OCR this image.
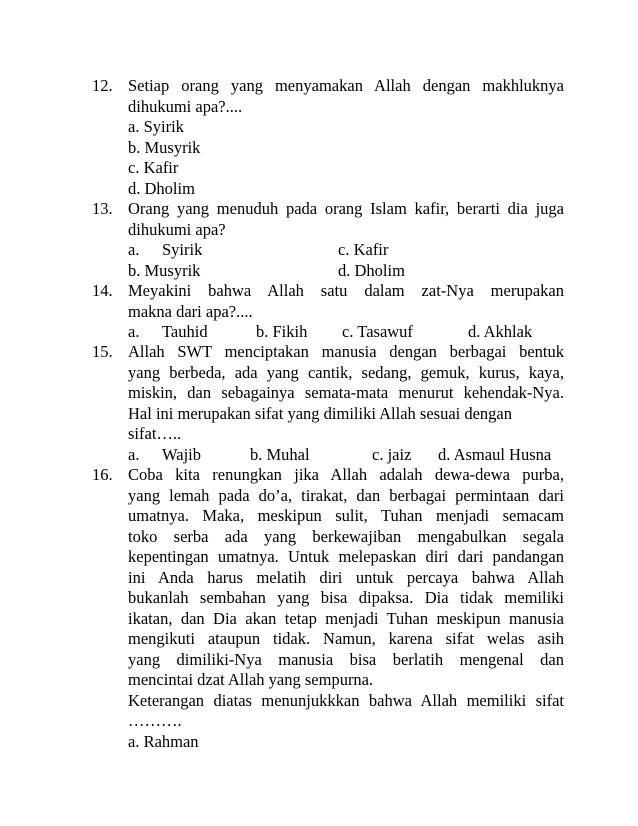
12. Setiap orang yang menyamakan Allah dengan makhluknya
dihukumi apa?....
a. Syirik
b. Musyrik
c. Kafir
d. Dholim
13. Orang yang menuduh pada orang Islam kafir, berarti dia juga
dihukumi apa?
a. Syirik	c. Kafir
b. Musyrik	d. Dholim
14. Meyakini bahwa Allah satu dalam zat-Nya merupakan
makna dari apa?....
a. Tauhid	b. Fikih c. Tasawuf	d. Akhlak
15. Allah SWT menciptakan manusia dengan berbagai bentuk
yang berbeda, ada yang cantik, sedang, gemuk, kurus, kaya,
miskin, dan sebagainya semata-mata menurut kehendak-Nya.
Hal ini merupakan sifat yang dimiliki Allah sesuai dengan
sifat…..
a. Wajib	b. Muhal	c. jaiz d. Asmaul Husna
16. Coba kita renungkan jika Allah adalah dewa-dewa purba,
yang lemah pada do’a, tirakat, dan berbagai permintaan dari
umatnya. Maka, meskipun sulit, Tuhan menjadi semacam
toko serba ada yang berkewajiban mengabulkan segala
kepentingan umatnya. Untuk melepaskan diri dari pandangan
ini Anda harus melatih diri untuk percaya bahwa Allah
bukanlah sembahan yang bisa dipaksa. Dia tidak memiliki
ikatan, dan Dia akan tetap menjadi Tuhan meskipun manusia
mengikuti ataupun tidak. Namun, karena sifat welas asih
yang dimiliki-Nya manusia bisa berlatih mengenal dan
mencintai dzat Allah yang sempurna.
Keterangan diatas menunjukkkan bahwa Allah memiliki sifat
……….
a. Rahman
